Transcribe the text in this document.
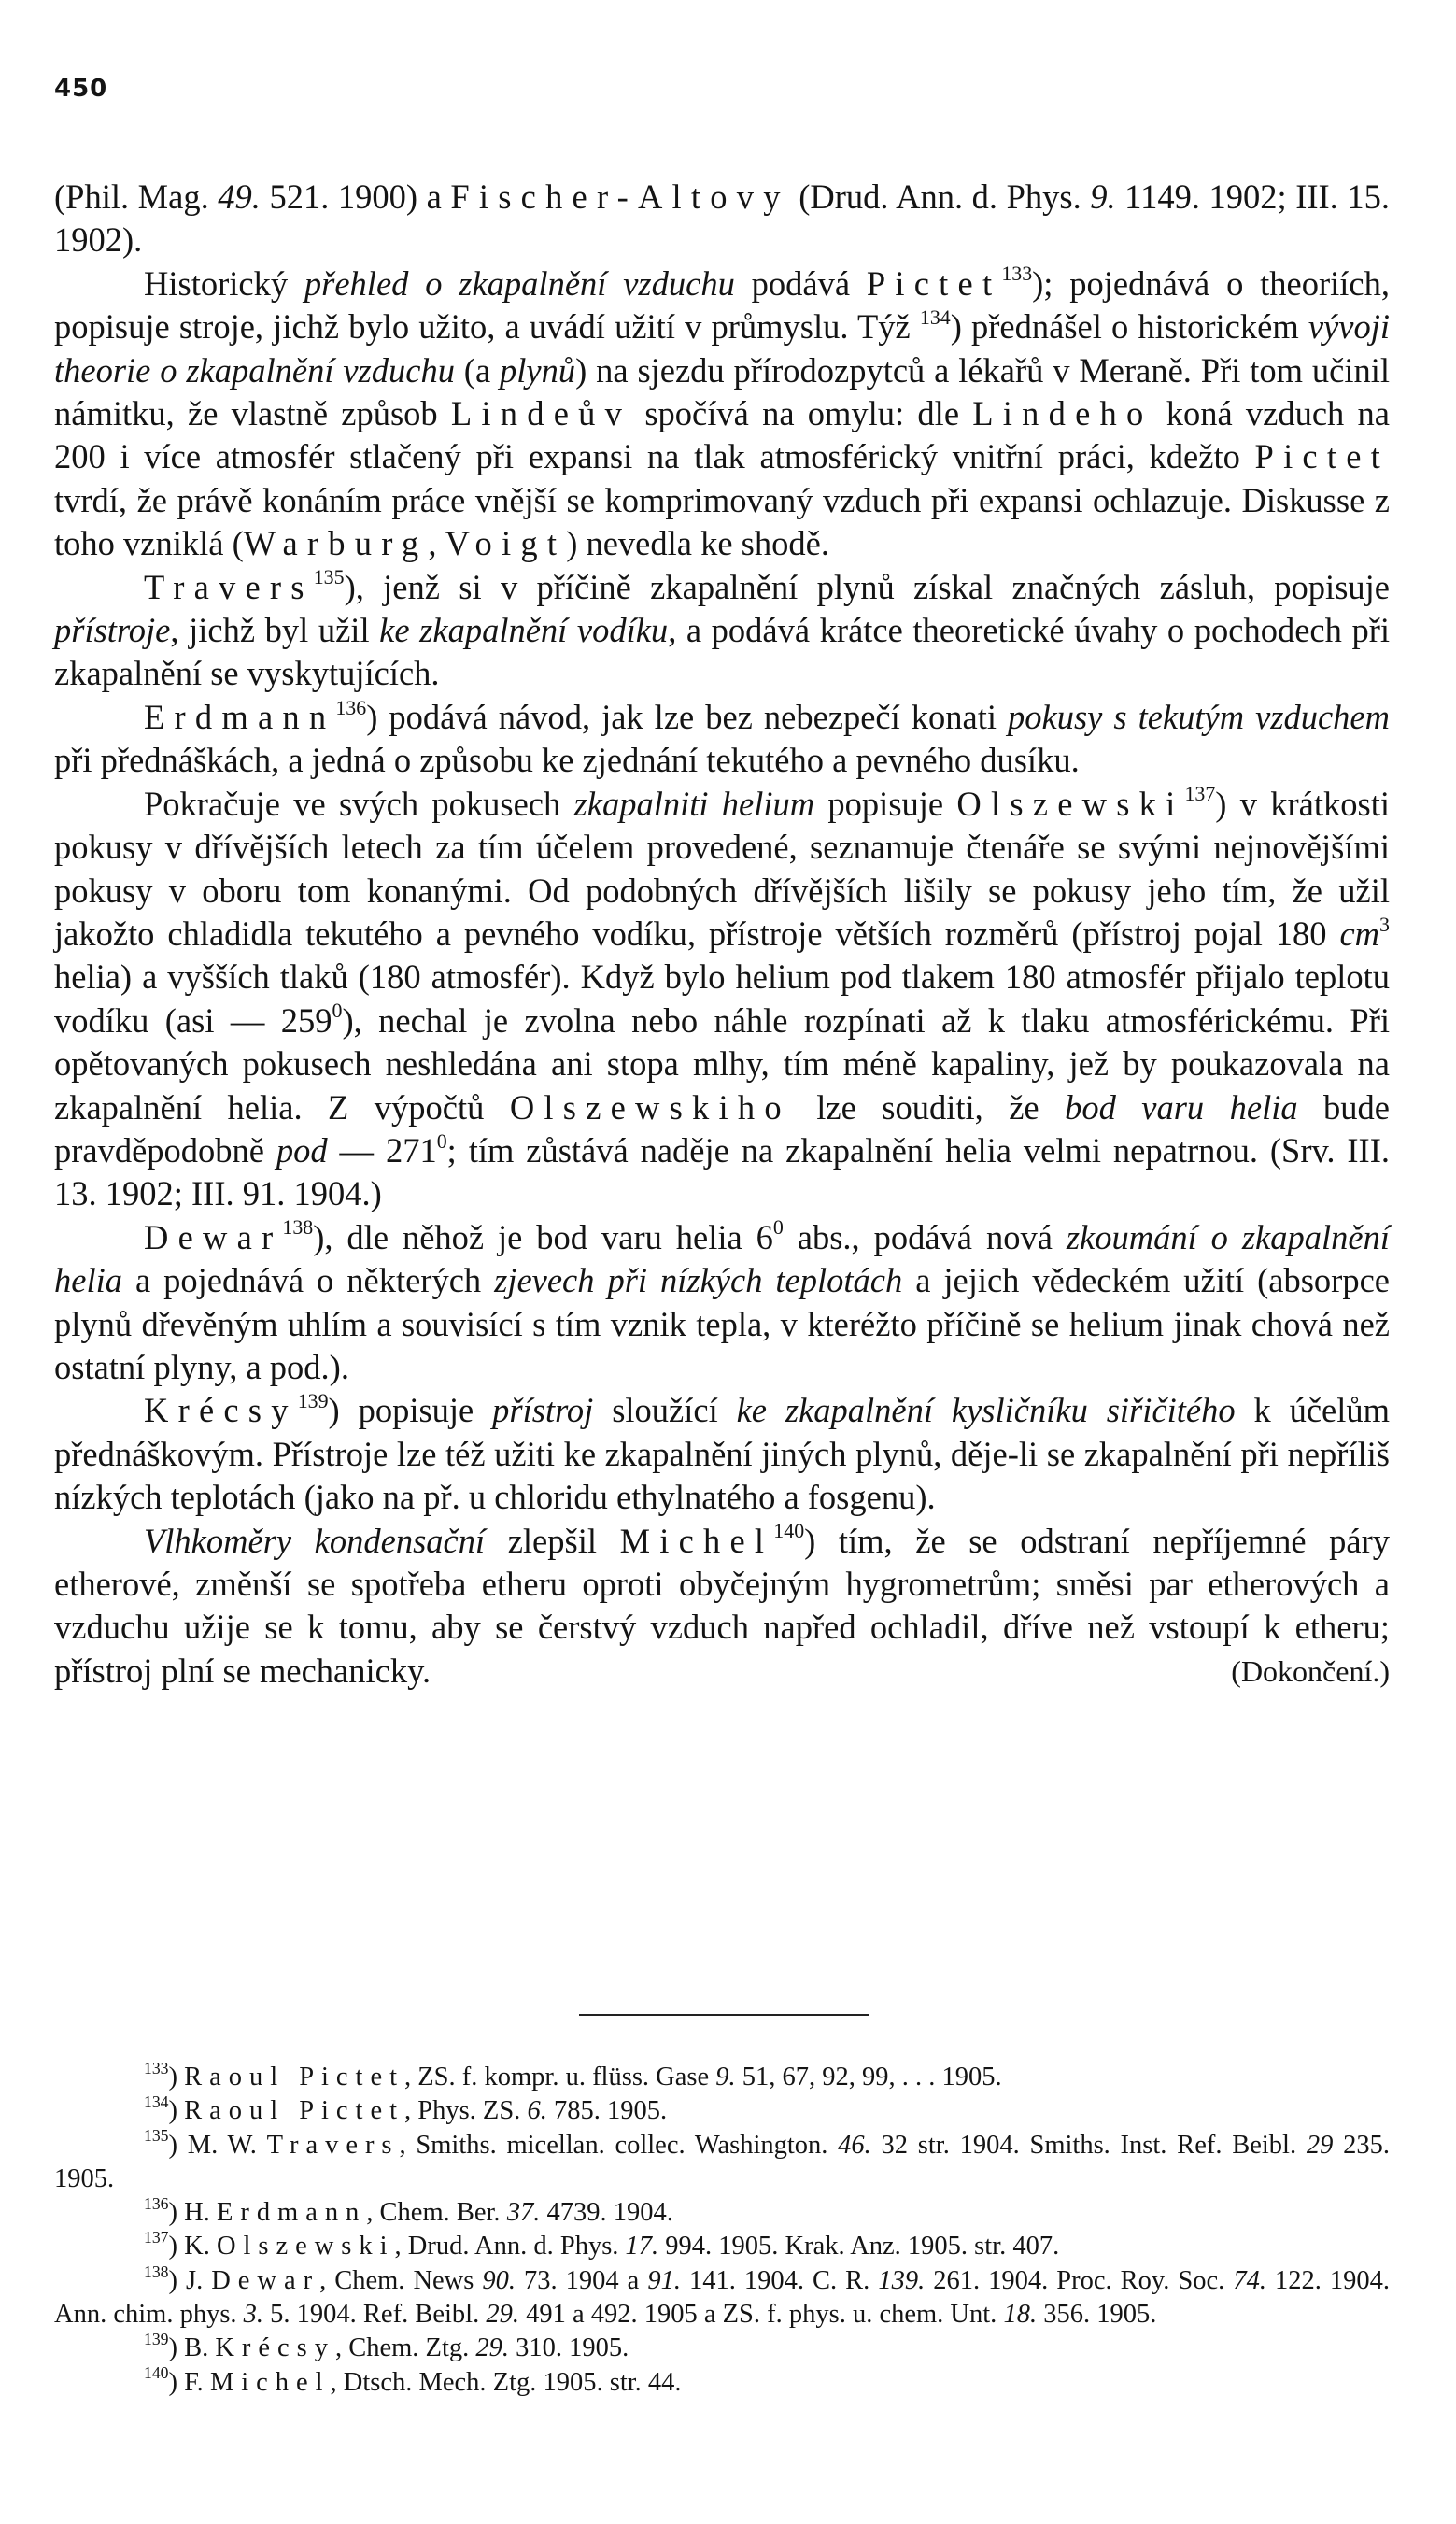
450

(Phil. Mag. 49. 521. 1900) a Fischer-Altovy (Drud. Ann. d. Phys. 9. 1149. 1902; III. 15. 1902).

Historický přehled o zkapalnění vzduchu podává Pictet$^{133}$); pojednává o theoriích, popisuje stroje, jichž bylo užito, a uvádí užití v průmyslu. Týž $^{134}$) přednášel o historickém vývoji theorie o zkapalnění vzduchu (a plynů) na sjezdu přírodozpytců a lékařů v Meraně. Při tom učinil námitku, že vlastně způsob Lindeův spočívá na omylu: dle Lindeho koná vzduch na 200 i více atmosfér stlačený při expansi na tlak atmosférický vnitřní práci, kdežto Pictet tvrdí, že právě konáním práce vnější se komprimovaný vzduch při expansi ochlazuje. Diskusse z toho vzniklá (Warburg, Voigt) nevedla ke shodě.

Travers$^{135}$), jenž si v příčině zkapalnění plynů získal značných zásluh, popisuje přístroje, jichž byl užil ke zkapalnění vodíku, a podává krátce theoretické úvahy o pochodech při zkapalnění se vyskytujících.

Erdmann$^{136}$) podává návod, jak lze bez nebezpečí konati pokusy s tekutým vzduchem při přednáškách, a jedná o způsobu ke zjednání tekutého a pevného dusíku.

Pokračuje ve svých pokusech zkapalniti helium popisuje Olszewski$^{137}$) v krátkosti pokusy v dřívějších letech za tím účelem provedené, seznamuje čtenáře se svými nejnovějšími pokusy v oboru tom konanými. Od podobných dřívějších lišily se pokusy jeho tím, že užil jakožto chladidla tekutého a pevného vodíku, přístroje větších rozměrů (přístroj pojal 180 $cm^3$ helia) a vyšších tlaků (180 atmosfér). Když bylo helium pod tlakem 180 atmosfér přijalo teplotu vodíku (asi — $259^0$), nechal je zvolna nebo náhle rozpínati až k tlaku atmosférickému. Při opětovaných pokusech neshledána ani stopa mlhy, tím méně kapaliny, jež by poukazovala na zkapalnění helia. Z výpočtů Olszewskiho lze souditi, že bod varu helia bude pravděpodobně pod — $271^0$; tím zůstává naděje na zkapalnění helia velmi nepatrnou. (Srv. III. 13. 1902; III. 91. 1904.)

Dewar$^{138}$), dle něhož je bod varu helia $6^0$ abs., podává nová zkoumání o zkapalnění helia a pojednává o některých zjevech při nízkých teplotách a jejich vědeckém užití (absorpce plynů dřevěným uhlím a souvisící s tím vznik tepla, v kteréžto příčině se helium jinak chová než ostatní plyny, a pod.).

Krécsy$^{139}$) popisuje přístroj sloužící ke zkapalnění kysličníku siřičitého k účelům přednáškovým. Přístroje lze též užiti ke zkapalnění jiných plynů, děje-li se zkapalnění při nepříliš nízkých teplotách (jako na př. u chloridu ethylnatého a fosgenu).

Vlhkoměry kondensační zlepšil Michel$^{140}$) tím, že se odstraní nepříjemné páry etherové, změnší se spotřeba etheru oproti obyčejným hygrometrům; směsi par etherových a vzduchu užije se k tomu, aby se čerstvý vzduch napřed ochladil, dříve než vstoupí k etheru; přístroj plní se mechanicky.	(Dokončení.)

$^{133}$) Raoul Pictet, ZS. f. kompr. u. flüss. Gase 9. 51, 67, 92, 99, . . . 1905.

$^{134}$) Raoul Pictet, Phys. ZS. 6. 785. 1905.

$^{135}$) M. W. Travers, Smiths. micellan. collec. Washington. 46. 32 str. 1904. Smiths. Inst. Ref. Beibl. 29 235. 1905.

$^{136}$) H. Erdmann, Chem. Ber. 37. 4739. 1904.

$^{137}$) K. Olszewski, Drud. Ann. d. Phys. 17. 994. 1905. Krak. Anz. 1905. str. 407.

$^{138}$) J. Dewar, Chem. News 90. 73. 1904 a 91. 141. 1904. C. R. 139. 261. 1904. Proc. Roy. Soc. 74. 122. 1904. Ann. chim. phys. 3. 5. 1904. Ref. Beibl. 29. 491 a 492. 1905 a ZS. f. phys. u. chem. Unt. 18. 356. 1905.

$^{139}$) B. Krécsy, Chem. Ztg. 29. 310. 1905.

$^{140}$) F. Michel, Dtsch. Mech. Ztg. 1905. str. 44.
